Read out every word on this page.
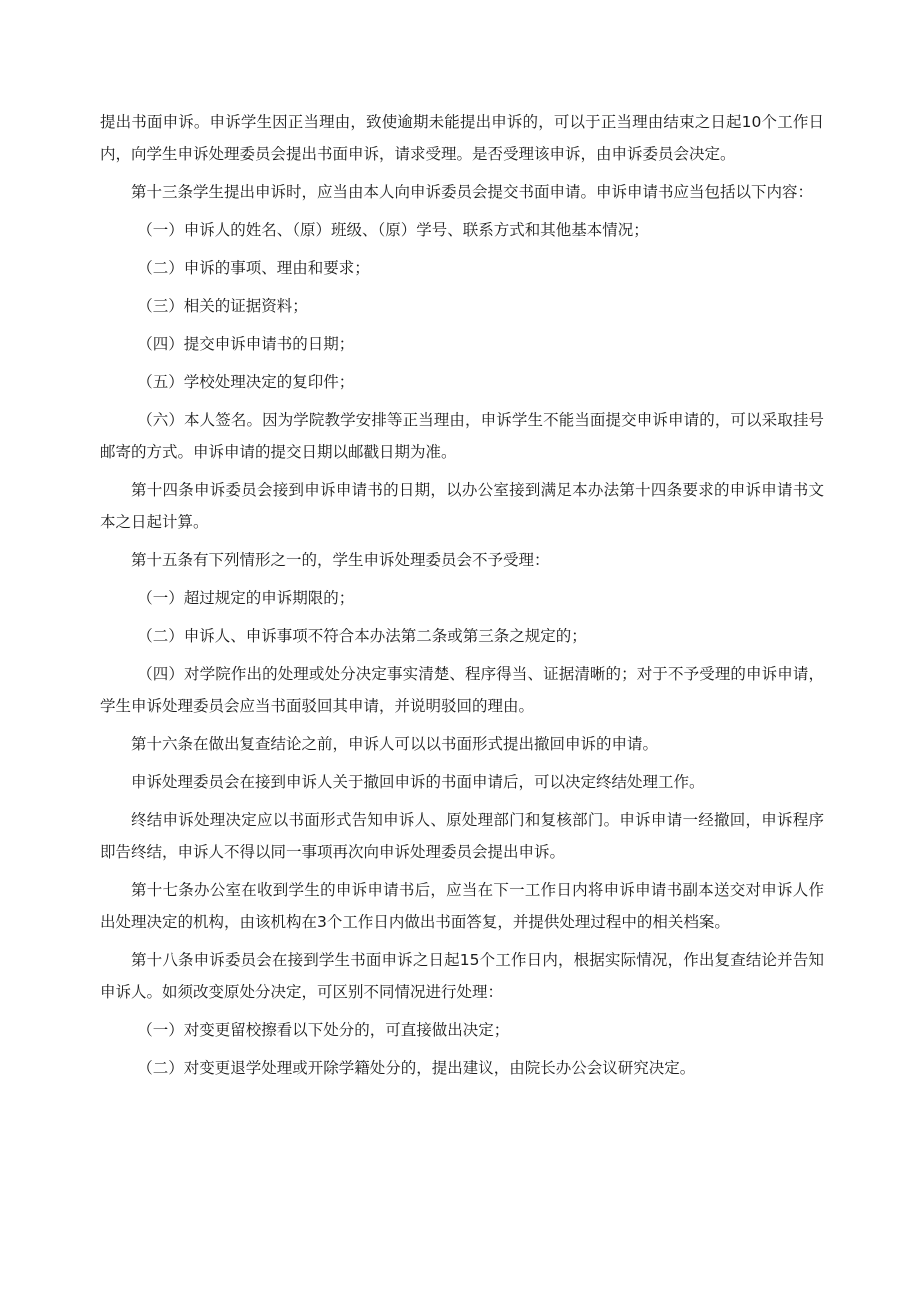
提出书面申诉。申诉学生因正当理由，致使逾期未能提出申诉的，可以于正当理由结束之日起10个工作日内，向学生申诉处理委员会提出书面申诉，请求受理。是否受理该申诉，由申诉委员会决定。

第十三条学生提出申诉时，应当由本人向申诉委员会提交书面申请。申诉申请书应当包括以下内容：

（一）申诉人的姓名、（原）班级、（原）学号、联系方式和其他基本情况；

（二）申诉的事项、理由和要求；

（三）相关的证据资料；

（四）提交申诉申请书的日期；

（五）学校处理决定的复印件；

（六）本人签名。因为学院教学安排等正当理由，申诉学生不能当面提交申诉申请的，可以采取挂号邮寄的方式。申诉申请的提交日期以邮戳日期为准。

第十四条申诉委员会接到申诉申请书的日期，以办公室接到满足本办法第十四条要求的申诉申请书文本之日起计算。

第十五条有下列情形之一的，学生申诉处理委员会不予受理：

（一）超过规定的申诉期限的；

（二）申诉人、申诉事项不符合本办法第二条或第三条之规定的；

（四）对学院作出的处理或处分决定事实清楚、程序得当、证据清晰的；对于不予受理的申诉申请，学生申诉处理委员会应当书面驳回其申请，并说明驳回的理由。

第十六条在做出复查结论之前，申诉人可以以书面形式提出撤回申诉的申请。

申诉处理委员会在接到申诉人关于撤回申诉的书面申请后，可以决定终结处理工作。

终结申诉处理决定应以书面形式告知申诉人、原处理部门和复核部门。申诉申请一经撤回，申诉程序即告终结，申诉人不得以同一事项再次向申诉处理委员会提出申诉。

第十七条办公室在收到学生的申诉申请书后，应当在下一工作日内将申诉申请书副本送交对申诉人作出处理决定的机构，由该机构在3个工作日内做出书面答复，并提供处理过程中的相关档案。

第十八条申诉委员会在接到学生书面申诉之日起15个工作日内，根据实际情况，作出复查结论并告知申诉人。如须改变原处分决定，可区别不同情况进行处理：

（一）对变更留校擦看以下处分的，可直接做出决定；

（二）对变更退学处理或开除学籍处分的，提出建议，由院长办公会议研究决定。
